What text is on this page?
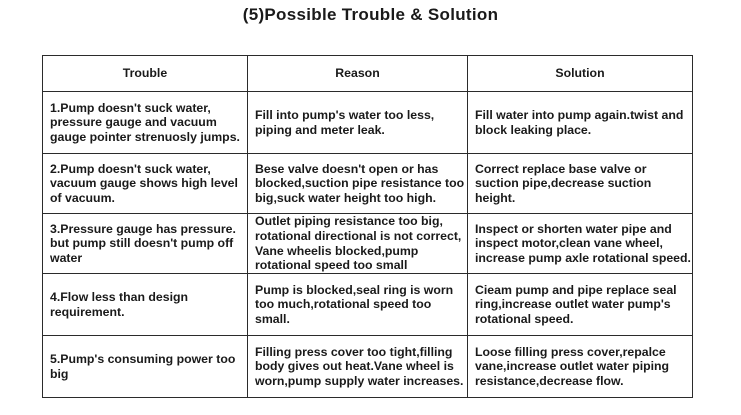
(5)Possible Trouble & Solution
Trouble	Reason	Solution

1.Pump doesn't suck water, pressure gauge and vacuum gauge pointer strenuosly jumps.	Fill into pump's water too less, piping and meter leak.	Fill water into pump again.twist and block leaking place.

2.Pump doesn't suck water, vacuum gauge shows high level of vacuum.	Bese valve doesn't open or has blocked,suction pipe resistance too big,suck water height too high.	Correct replace base valve or suction pipe,decrease suction height.

3.Pressure gauge has pressure. but pump still doesn't pump off water	Outlet piping resistance too big, rotational directional is not correct, Vane wheelis blocked,pump rotational speed too small	Inspect or shorten water pipe and inspect motor,clean vane wheel, increase pump axle rotational speed.

4.Flow less than design requirement.	Pump is blocked,seal ring is worn too much,rotational speed too small.	Cieam pump and pipe replace seal ring,increase outlet water pump's rotational speed.

5.Pump's consuming power too big	Filling press cover too tight,filling body gives out heat.Vane wheel is worn,pump supply water increases.	Loose filling press cover,repalce vane,increase outlet water piping resistance,decrease flow.
